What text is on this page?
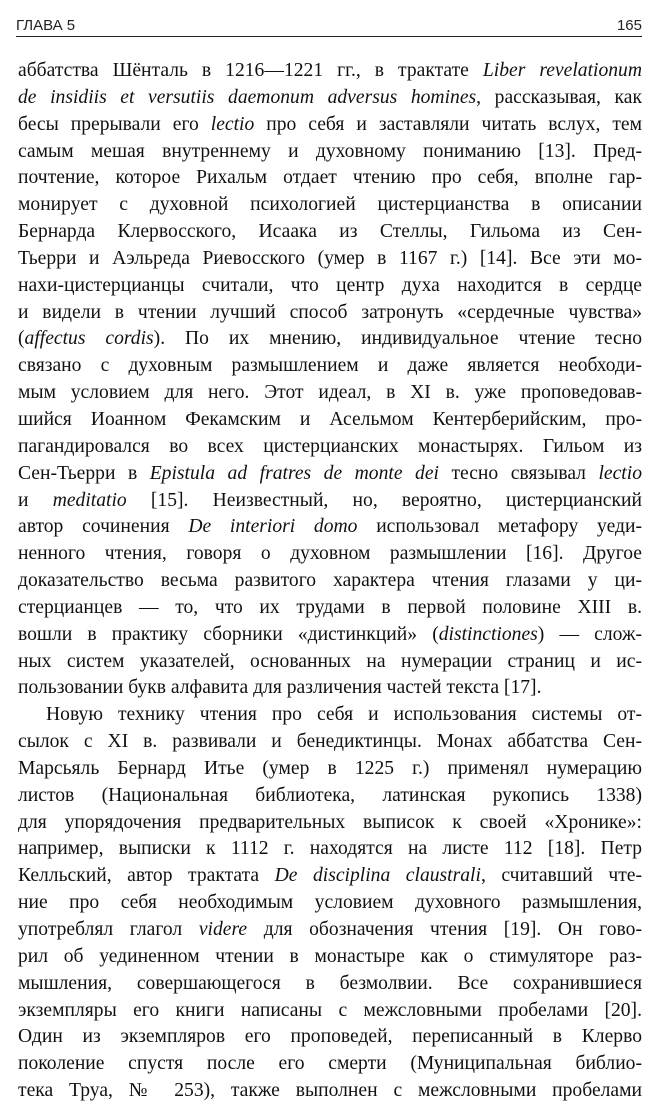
ГЛАВА 5	165
аббатства Шёнталь в 1216—1221 гг., в трактате Liber revelationum
de insidiis et versutiis daemonum adversus homines, рассказывая, как
бесы прерывали его lectio про себя и заставляли читать вслух, тем
самым мешая внутреннему и духовному пониманию [13]. Пред-
почтение, которое Рихальм отдает чтению про себя, вполне гар-
монирует с духовной психологией цистерцианства в описании
Бернарда Клервосского, Исаака из Стеллы, Гильома из Сен-
Тьерри и Аэльреда Риевосского (умер в 1167 г.) [14]. Все эти мо-
нахи-цистерцианцы считали, что центр духа находится в сердце
и видели в чтении лучший способ затронуть «сердечные чувства»
(affectus cordis). По их мнению, индивидуальное чтение тесно
связано с духовным размышлением и даже является необходи-
мым условием для него. Этот идеал, в XI в. уже проповедовав-
шийся Иоанном Фекамским и Асельмом Кентерберийским, про-
пагандировался во всех цистерцианских монастырях. Гильом из
Сен-Тьерри в Epistula ad fratres de monte dei тесно связывал lectio
и meditatio [15]. Неизвестный, но, вероятно, цистерцианский
автор сочинения De interiori domo использовал метафору уеди-
ненного чтения, говоря о духовном размышлении [16]. Другое
доказательство весьма развитого характера чтения глазами у ци-
стерцианцев — то, что их трудами в первой половине XIII в.
вошли в практику сборники «дистинкций» (distinctiones) — слож-
ных систем указателей, основанных на нумерации страниц и ис-
пользовании букв алфавита для различения частей текста [17].
Новую технику чтения про себя и использования системы от-
сылок с XI в. развивали и бенедиктинцы. Монах аббатства Сен-
Марсьяль Бернард Итье (умер в 1225 г.) применял нумерацию
листов (Национальная библиотека, латинская рукопись 1338)
для упорядочения предварительных выписок к своей «Хронике»:
например, выписки к 1112 г. находятся на листе 112 [18]. Петр
Келльский, автор трактата De disciplina claustrali, считавший чте-
ние про себя необходимым условием духовного размышления,
употреблял глагол videre для обозначения чтения [19]. Он гово-
рил об уединенном чтении в монастыре как о стимуляторе раз-
мышления, совершающегося в безмолвии. Все сохранившиеся
экземпляры его книги написаны с межсловными пробелами [20].
Один из экземпляров его проповедей, переписанный в Клерво
поколение спустя после его смерти (Муниципальная библио-
тека Труа, № 253), также выполнен с межсловными пробелами
